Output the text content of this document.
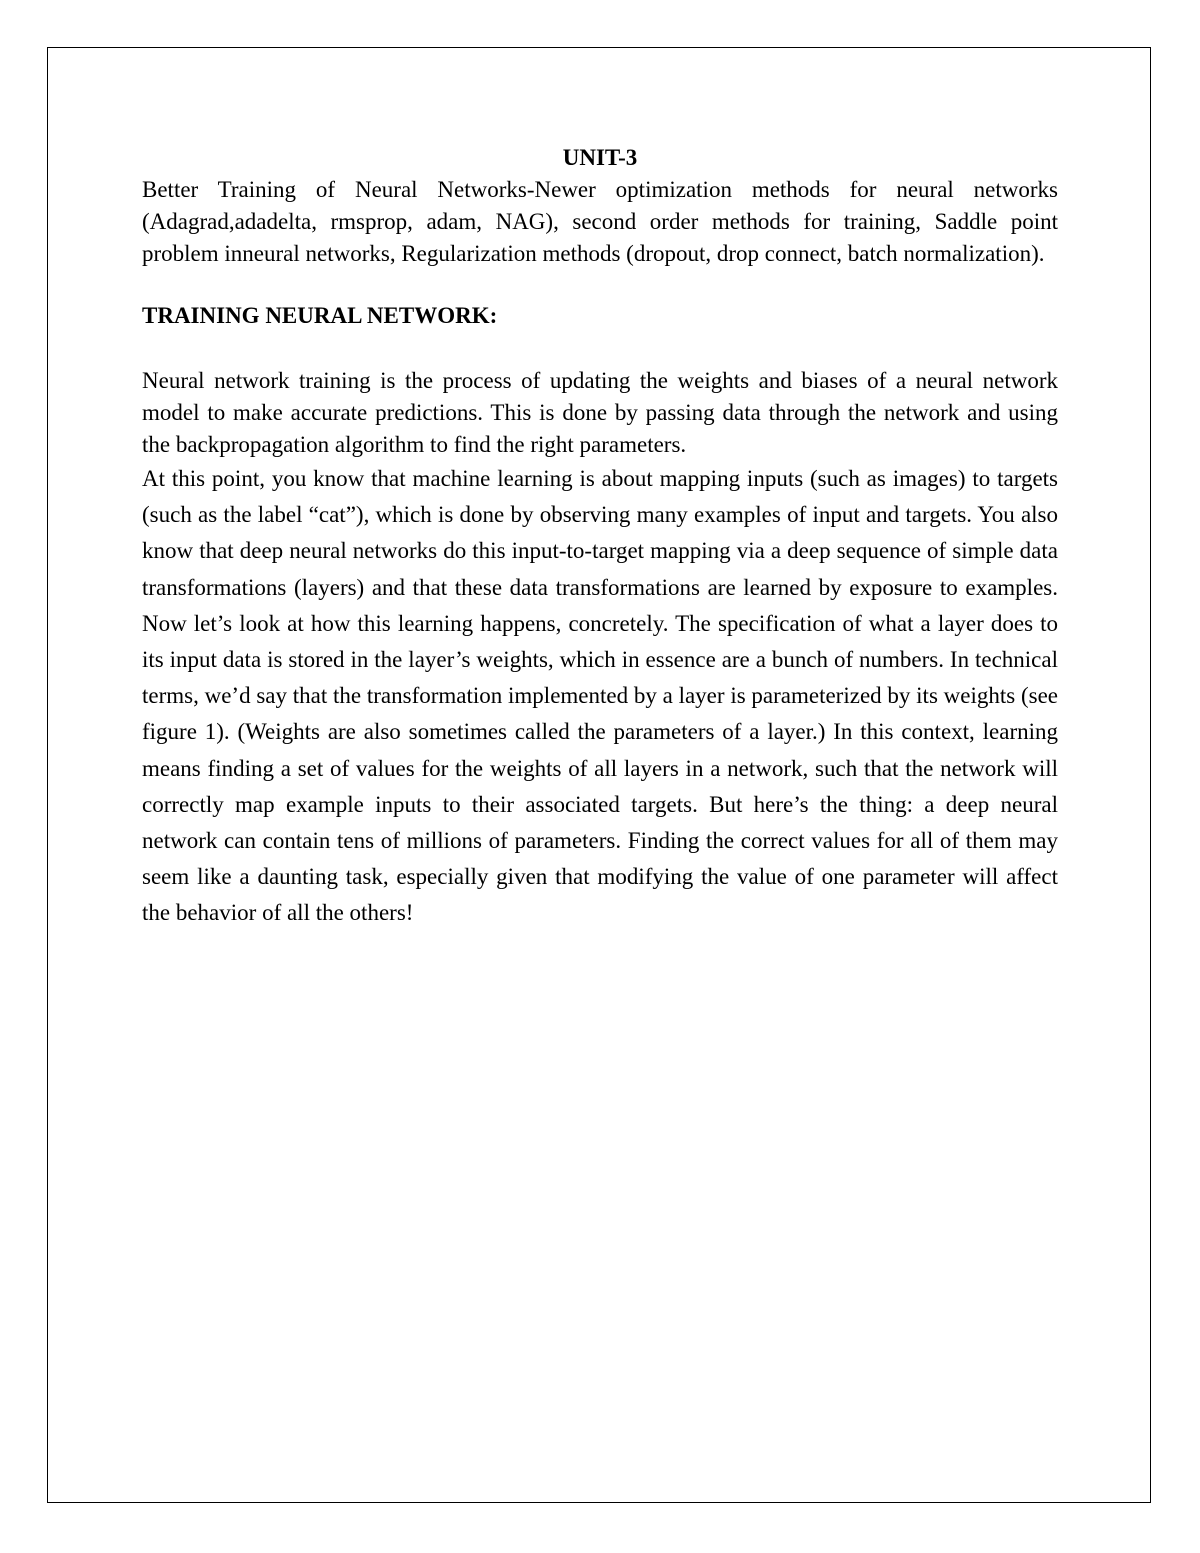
UNIT-3

Better Training of Neural Networks-Newer optimization methods for neural networks (Adagrad,adadelta, rmsprop, adam, NAG), second order methods for training, Saddle point problem inneural networks, Regularization methods (dropout, drop connect, batch normalization).

TRAINING NEURAL NETWORK:

Neural network training is the process of updating the weights and biases of a neural network model to make accurate predictions. This is done by passing data through the network and using the backpropagation algorithm to find the right parameters.

At this point, you know that machine learning is about mapping inputs (such as images) to targets (such as the label “cat”), which is done by observing many examples of input and targets. You also know that deep neural networks do this input-to-target mapping via a deep sequence of simple data transformations (layers) and that these data transformations are learned by exposure to examples. Now let’s look at how this learning happens, concretely. The specification of what a layer does to its input data is stored in the layer’s weights, which in essence are a bunch of numbers. In technical terms, we’d say that the transformation implemented by a layer is parameterized by its weights (see figure 1). (Weights are also sometimes called the parameters of a layer.) In this context, learning means finding a set of values for the weights of all layers in a network, such that the network will correctly map example inputs to their associated targets. But here’s the thing: a deep neural network can contain tens of millions of parameters. Finding the correct values for all of them may seem like a daunting task, especially given that modifying the value of one parameter will affect the behavior of all the others!
